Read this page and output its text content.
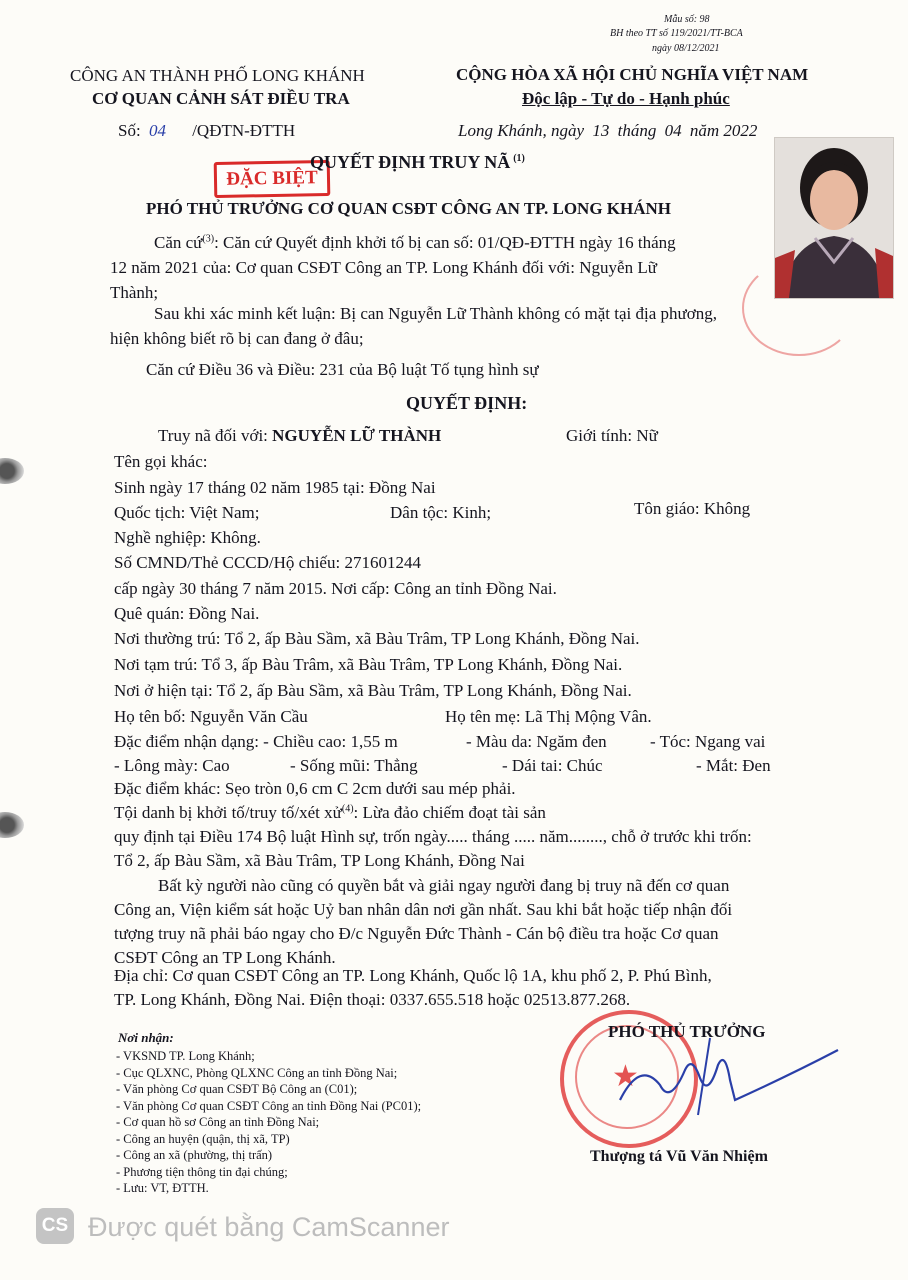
Mẫu số: 98
BH theo TT số 119/2021/TT-BCA
ngày 08/12/2021
CÔNG AN THÀNH PHỐ LONG KHÁNH
CƠ QUAN CẢNH SÁT ĐIỀU TRA
Số: 04 /QĐTN-ĐTTH
CỘNG HÒA XÃ HỘI CHỦ NGHĨA VIỆT NAM
Độc lập - Tự do - Hạnh phúc
Long Khánh, ngày 13 tháng 04 năm 2022
ĐẶC BIỆT
QUYẾT ĐỊNH TRUY NÃ $^{(1)}$
PHÓ THỦ TRƯỞNG CƠ QUAN CSĐT CÔNG AN TP. LONG KHÁNH
Căn cứ$^{(3)}$: Căn cứ Quyết định khởi tố bị can số: 01/QĐ-ĐTTH ngày 16 tháng
12 năm 2021 của: Cơ quan CSĐT Công an TP. Long Khánh đối với: Nguyễn Lữ
Thành;
Sau khi xác minh kết luận: Bị can Nguyễn Lữ Thành không có mặt tại địa phương,
hiện không biết rõ bị can đang ở đâu;
Căn cứ Điều 36 và Điều: 231 của Bộ luật Tố tụng hình sự
QUYẾT ĐỊNH:
Truy nã đối với: NGUYỄN LỮ THÀNH	Giới tính: Nữ
Tên gọi khác:
Sinh ngày 17 tháng 02 năm 1985 tại: Đồng Nai
Quốc tịch: Việt Nam;	Dân tộc: Kinh;	Tôn giáo: Không
Nghề nghiệp: Không.
Số CMND/Thẻ CCCD/Hộ chiếu: 271601244
cấp ngày 30 tháng 7 năm 2015. Nơi cấp: Công an tỉnh Đồng Nai.
Quê quán: Đồng Nai.
Nơi thường trú: Tổ 2, ấp Bàu Sầm, xã Bàu Trâm, TP Long Khánh, Đồng Nai.
Nơi tạm trú: Tổ 3, ấp Bàu Trâm, xã Bàu Trâm, TP Long Khánh, Đồng Nai.
Nơi ở hiện tại: Tổ 2, ấp Bàu Sầm, xã Bàu Trâm, TP Long Khánh, Đồng Nai.
Họ tên bố: Nguyễn Văn Cầu	Họ tên mẹ: Lã Thị Mộng Vân.
Đặc điểm nhận dạng: - Chiều cao: 1,55 m	- Màu da: Ngăm đen	- Tóc: Ngang vai
- Lông mày: Cao	- Sống mũi: Thẳng	- Dái tai: Chúc	- Mắt: Đen
Đặc điểm khác: Sẹo tròn 0,6 cm C 2cm dưới sau mép phải.
Tội danh bị khởi tố/truy tố/xét xử$^{(4)}$: Lừa đảo chiếm đoạt tài sản
quy định tại Điều 174 Bộ luật Hình sự, trốn ngày..... tháng ..... năm........, chỗ ở trước khi trốn:
Tổ 2, ấp Bàu Sầm, xã Bàu Trâm, TP Long Khánh, Đồng Nai
Bất kỳ người nào cũng có quyền bắt và giải ngay người đang bị truy nã đến cơ quan
Công an, Viện kiểm sát hoặc Uỷ ban nhân dân nơi gần nhất. Sau khi bắt hoặc tiếp nhận đối
tượng truy nã phải báo ngay cho Đ/c Nguyễn Đức Thành - Cán bộ điều tra hoặc Cơ quan
CSĐT Công an TP Long Khánh.
Địa chỉ: Cơ quan CSĐT Công an TP. Long Khánh, Quốc lộ 1A, khu phố 2, P. Phú Bình,
TP. Long Khánh, Đồng Nai. Điện thoại: 0337.655.518 hoặc 02513.877.268.
Nơi nhận:
- VKSND TP. Long Khánh;
- Cục QLXNC, Phòng QLXNC Công an tỉnh Đồng Nai;
- Văn phòng Cơ quan CSĐT Bộ Công an (C01);
- Văn phòng Cơ quan CSĐT Công an tỉnh Đồng Nai (PC01);
- Cơ quan hồ sơ Công an tỉnh Đồng Nai;
- Công an huyện (quận, thị xã, TP)
- Công an xã (phường, thị trấn)
- Phương tiện thông tin đại chúng;
- Lưu: VT, ĐTTH.
★
PHÓ THỦ TRƯỞNG
Thượng tá Vũ Văn Nhiệm
CS Được quét bằng CamScanner
